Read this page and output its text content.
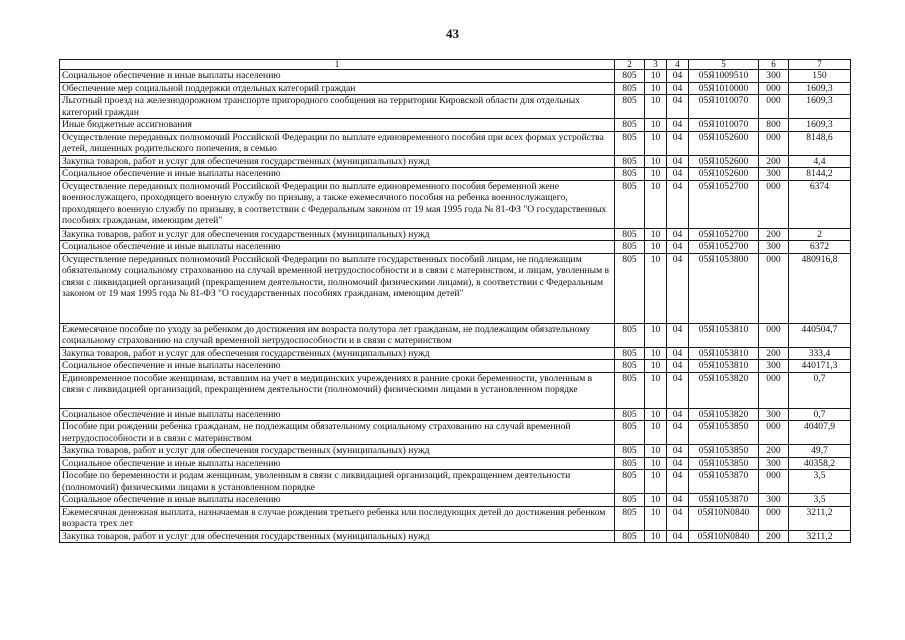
43
1	2	3	4	5	6	7
Социальное обеспечение и иные выплаты населению	805	10	04	05Я1009510	300	150
Обеспечение мер социальной поддержки отдельных категорий граждан	805	10	04	05Я1010000	000	1609,3
Льготный проезд на железнодорожном транспорте пригородного сообщения на территории Кировской области для отдельных категорий граждан	805	10	04	05Я1010070	000	1609,3
Иные бюджетные ассигнования	805	10	04	05Я1010070	800	1609,3
Осуществление переданных полномочий Российской Федерации по выплате единовременного пособия при всех формах устройства детей, лишенных родительского попечения, в семью	805	10	04	05Я1052600	000	8148,6
Закупка товаров, работ и услуг для обеспечения государственных (муниципальных) нужд	805	10	04	05Я1052600	200	4,4
Социальное обеспечение и иные выплаты населению	805	10	04	05Я1052600	300	8144,2
Осуществление переданных полномочий Российской Федерации по выплате единовременного пособия беременной жене военнослужащего, проходящего военную службу по призыву, а также ежемесячного пособия на ребенка военнослужащего, проходящего военную службу по призыву, в соответствии с Федеральным законом от 19 мая 1995 года № 81-ФЗ "О государственных пособиях гражданам, имеющим детей"	805	10	04	05Я1052700	000	6374
Закупка товаров, работ и услуг для обеспечения государственных (муниципальных) нужд	805	10	04	05Я1052700	200	2
Социальное обеспечение и иные выплаты населению	805	10	04	05Я1052700	300	6372
Осуществление переданных полномочий Российской Федерации по выплате государственных пособий лицам, не подлежащим обязательному социальному страхованию на случай временной нетрудоспособности и в связи с материнством, и лицам, уволенным в связи с ликвидацией организаций (прекращением деятельности, полномочий физическими лицами), в соответствии с Федеральным законом от 19 мая 1995 года № 81-ФЗ "О государственных пособиях гражданам, имеющим детей"	805	10	04	05Я1053800	000	480916,8
Ежемесячное пособие по уходу за ребенком до достижения им возраста полутора лет гражданам, не подлежащим обязательному социальному страхованию на случай временной нетрудоспособности и в связи с материнством	805	10	04	05Я1053810	000	440504,7
Закупка товаров, работ и услуг для обеспечения государственных (муниципальных) нужд	805	10	04	05Я1053810	200	333,4
Социальное обеспечение и иные выплаты населению	805	10	04	05Я1053810	300	440171,3
Единовременное пособие женщинам, вставшим на учет в медицинских учреждениях в ранние сроки беременности, уволенным в связи с ликвидацией организаций, прекращением деятельности (полномочий) физическими лицами в установленном порядке	805	10	04	05Я1053820	000	0,7
Социальное обеспечение и иные выплаты населению	805	10	04	05Я1053820	300	0,7
Пособие при рождении ребенка гражданам, не подлежащим обязательному социальному страхованию на случай временной нетрудоспособности и в связи с материнством	805	10	04	05Я1053850	000	40407,9
Закупка товаров, работ и услуг для обеспечения государственных (муниципальных) нужд	805	10	04	05Я1053850	200	49,7
Социальное обеспечение и иные выплаты населению	805	10	04	05Я1053850	300	40358,2
Пособие по беременности и родам женщинам, уволенным в связи с ликвидацией организаций, прекращением деятельности (полномочий) физическими лицами в установленном порядке	805	10	04	05Я1053870	000	3,5
Социальное обеспечение и иные выплаты населению	805	10	04	05Я1053870	300	3,5
Ежемесячная денежная выплата, назначаемая в случае рождения третьего ребенка или последующих детей до достижения ребенком возраста трех лет	805	10	04	05Я10N0840	000	3211,2
Закупка товаров, работ и услуг для обеспечения государственных (муниципальных) нужд	805	10	04	05Я10N0840	200	3211,2
